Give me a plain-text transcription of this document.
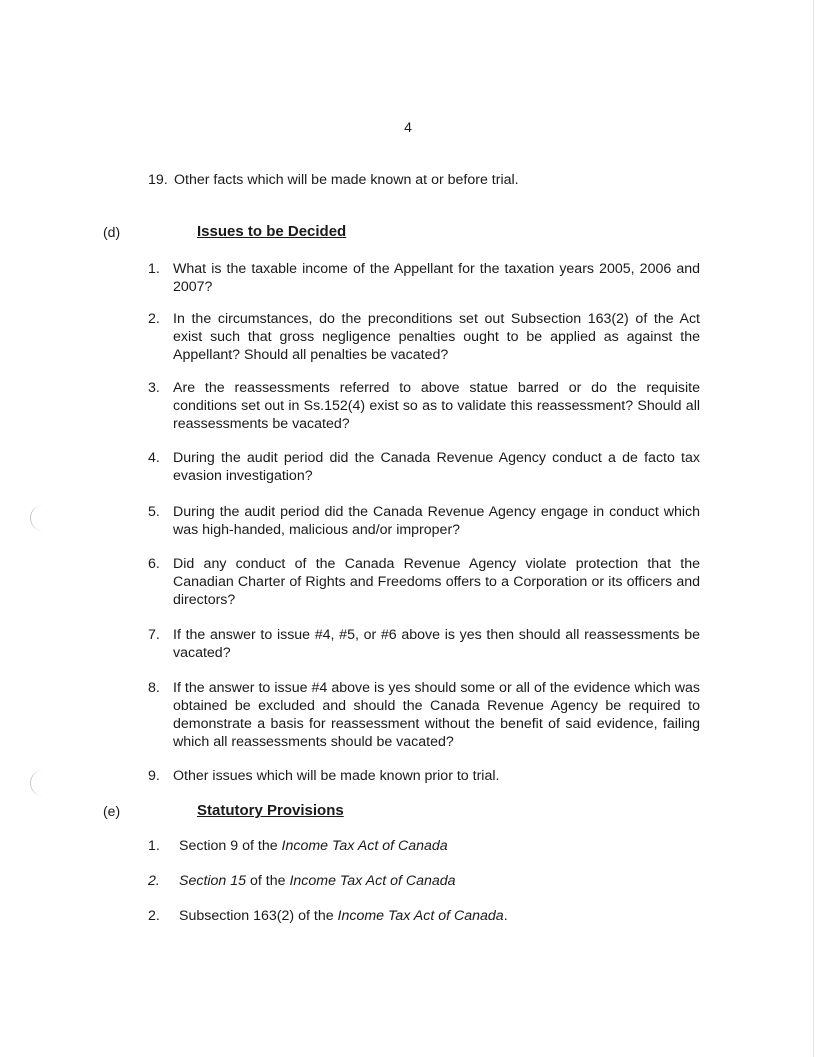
4
19. Other facts which will be made known at or before trial.
(d)	Issues to be Decided
1. What is the taxable income of the Appellant for the taxation years 2005, 2006 and 2007?
2. In the circumstances, do the preconditions set out Subsection 163(2) of the Act exist such that gross negligence penalties ought to be applied as against the Appellant? Should all penalties be vacated?
3. Are the reassessments referred to above statue barred or do the requisite conditions set out in Ss.152(4) exist so as to validate this reassessment? Should all reassessments be vacated?
4. During the audit period did the Canada Revenue Agency conduct a de facto tax evasion investigation?
5. During the audit period did the Canada Revenue Agency engage in conduct which was high-handed, malicious and/or improper?
6. Did any conduct of the Canada Revenue Agency violate protection that the Canadian Charter of Rights and Freedoms offers to a Corporation or its officers and directors?
7. If the answer to issue #4, #5, or #6 above is yes then should all reassessments be vacated?
8. If the answer to issue #4 above is yes should some or all of the evidence which was obtained be excluded and should the Canada Revenue Agency be required to demonstrate a basis for reassessment without the benefit of said evidence, failing which all reassessments should be vacated?
9. Other issues which will be made known prior to trial.
(e)	Statutory Provisions
1. Section 9 of the Income Tax Act of Canada
2. Section 15 of the Income Tax Act of Canada
2. Subsection 163(2) of the Income Tax Act of Canada.
